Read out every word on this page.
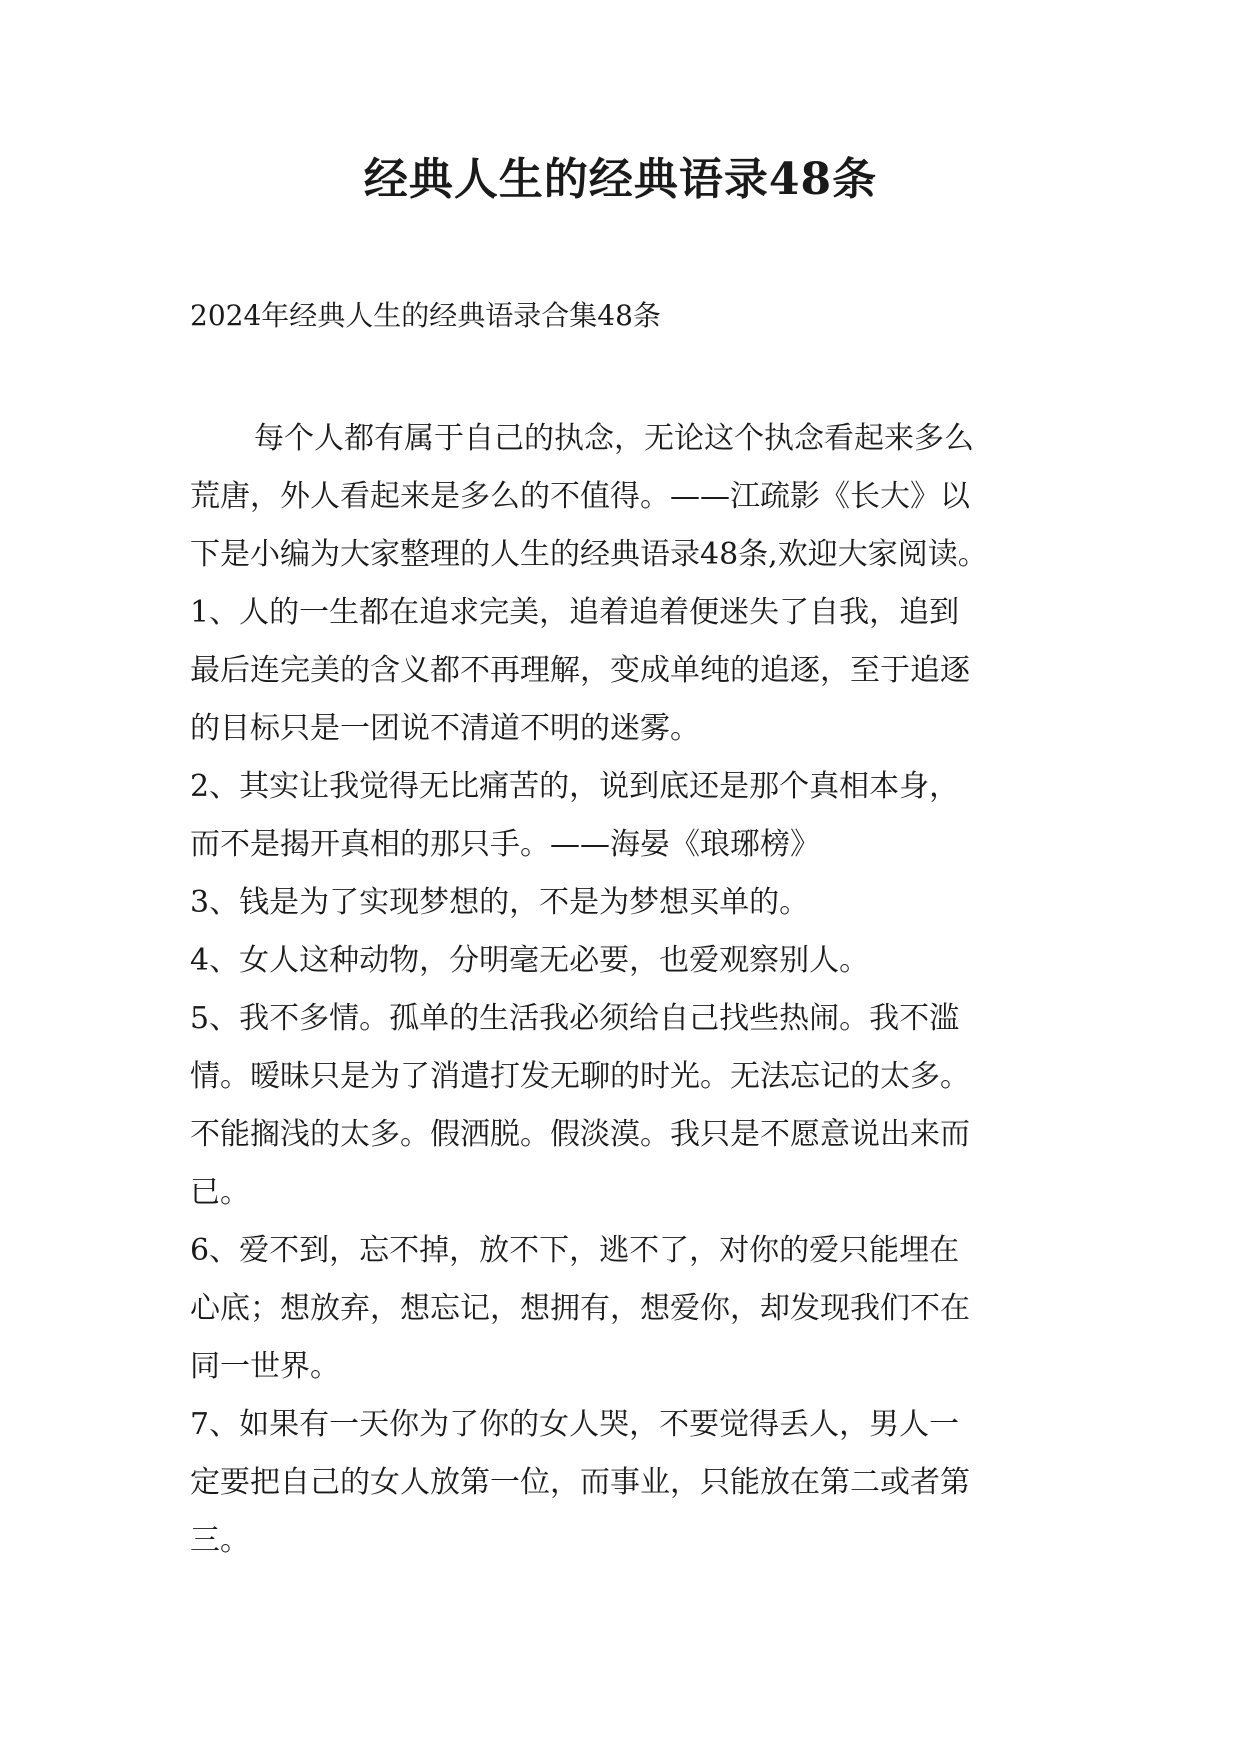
经典人生的经典语录48条
2024年经典人生的经典语录合集48条
每个人都有属于自己的执念，无论这个执念看起来多么
荒唐，外人看起来是多么的不值得。——江疏影《长大》以
下是小编为大家整理的人生的经典语录48条,欢迎大家阅读。
1、人的一生都在追求完美，追着追着便迷失了自我，追到
最后连完美的含义都不再理解，变成单纯的追逐，至于追逐
的目标只是一团说不清道不明的迷雾。
2、其实让我觉得无比痛苦的，说到底还是那个真相本身，
而不是揭开真相的那只手。——海晏《琅琊榜》
3、钱是为了实现梦想的，不是为梦想买单的。
4、女人这种动物，分明毫无必要，也爱观察别人。
5、我不多情。孤单的生活我必须给自己找些热闹。我不滥
情。暧昧只是为了消遣打发无聊的时光。无法忘记的太多。
不能搁浅的太多。假洒脱。假淡漠。我只是不愿意说出来而
已。
6、爱不到，忘不掉，放不下，逃不了，对你的爱只能埋在
心底；想放弃，想忘记，想拥有，想爱你，却发现我们不在
同一世界。
7、如果有一天你为了你的女人哭，不要觉得丢人，男人一
定要把自己的女人放第一位，而事业，只能放在第二或者第
三。
